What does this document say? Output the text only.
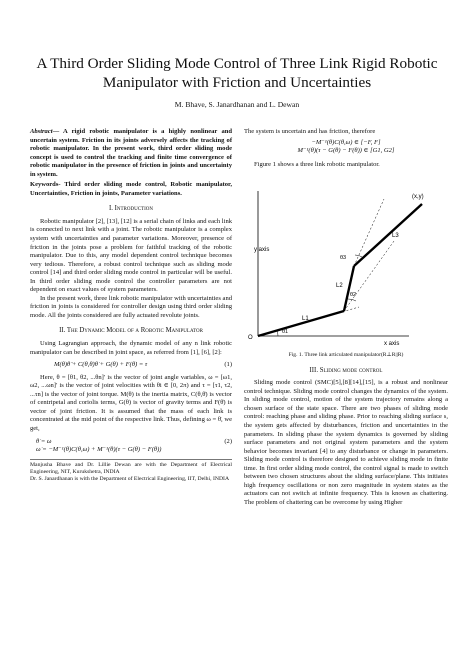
A Third Order Sliding Mode Control of Three Link Rigid Robotic Manipulator with Friction and Uncertainties
M. Bhave, S. Janardhanan and L. Dewan

Abstract— A rigid robotic manipulator is a highly nonlinear and uncertain system. Friction in its joints adversely affects the tracking of robotic manipulator. In the present work, third order sliding mode concept is used to control the tracking and finite time convergence of robotic manipulator in the presence of friction in joints and uncertainty in system.

Keywords- Third order sliding mode control, Robotic manipulator, Uncertainties, Friction in joints, Parameter variations.

I. Introduction

Robotic manipulator [2], [13], [12] is a serial chain of links and each link is connected to next link with a joint. The robotic manipulator is a complex system with uncertainties and parameter variations. Moreover, presence of friction in the joints pose a problem for faithful tracking of the robotic manipulator. Due to this, any model dependent control technique becomes very tedious. Therefore, a robust control technique such as sliding mode control [14] and third order sliding mode control in particular will be useful. In third order sliding mode control the controller parameters are not dependent on exact values of system parameters.

In the present work, three link robotic manipulator with uncertainties and friction in joints is considered for controller design using third order sliding mode. All the joints considered are fully actuated revolute joints.

II. The Dynamic Model of a Robotic Manipulator

Using Lagrangian approach, the dynamic model of any n link robotic manipulator can be described in joint space, as referred from [1], [6], [2]:

M(θ)θ̈ + C(θ,θ̇)θ̇ + G(θ) + F(θ̇) = τ	(1)

Here, θ = [θ1, θ2, ...θn]′ is the vector of joint angle variables, ω = [ω1, ω2, ...ωn]′ is the vector of joint velocities with θi ∈ [0, 2π) and τ = [τ1, τ2, ...τn] is the vector of joint torque. M(θ) is the inertia matrix, C(θ,θ̇) is vector of centripetal and coriolis terms, G(θ) is vector of gravity terms and F(θ̇) is vector of joint friction. It is assumed that the mass of each link is concentrated at the mid point of the respective link. Thus, defining ω = θ̇, we get,

θ̇ = ω
ω̇ = −M⁻¹(θ)C(θ,ω) + M⁻¹(θ)(τ − G(θ) − F(θ))
(2)
Manjusha Bhave and Dr. Lillie Dewan are with the Department of Electrical Engineering, NIT, Kurukshetra, INDIA
Dr. S. Janardhanan is with the Department of Electrical Engineering, IIT, Delhi, INDIA

The system is uncertain and has friction, therefore

−M⁻¹(θ)C(θ,ω) ∈ [−F, F]
M⁻¹(θ)(τ − G(θ) − F(θ)) ∈ [G1, G2]

Figure 1 shows a three link robotic manipulator.

y axis
x axis
O
L1
L2
L3
θ1
θ2
θ3
(x,y)
Fig. 1. Three link articulated manipulator(R⊥R||R)
III. Sliding mode control

Sliding mode control (SMC)[5],[8][14],[15], is a robust and nonlinear control technique. Sliding mode control changes the dynamics of the system. In sliding mode control, motion of the system trajectory remains along a chosen surface of the state space. There are two phases of sliding mode control: reaching phase and sliding phase. Prior to reaching sliding surface s, the system gets affected by disturbances, friction and uncertainties in the parameters. In sliding phase the system dynamics is governed by sliding surface parameters and not original system parameters and the system behavior becomes invariant [4] to any disturbance or change in parameters. Sliding mode control is therefore designed to achieve sliding mode in finite time. In first order sliding mode control, the control signal is made to switch between two chosen structures about the sliding surface/plane. This initiates high frequency oscillations or non zero magnitude in system states as the actuators can not switch at infinite frequency. This is known as chattering. The problem of chattering can be overcome by using Higher
